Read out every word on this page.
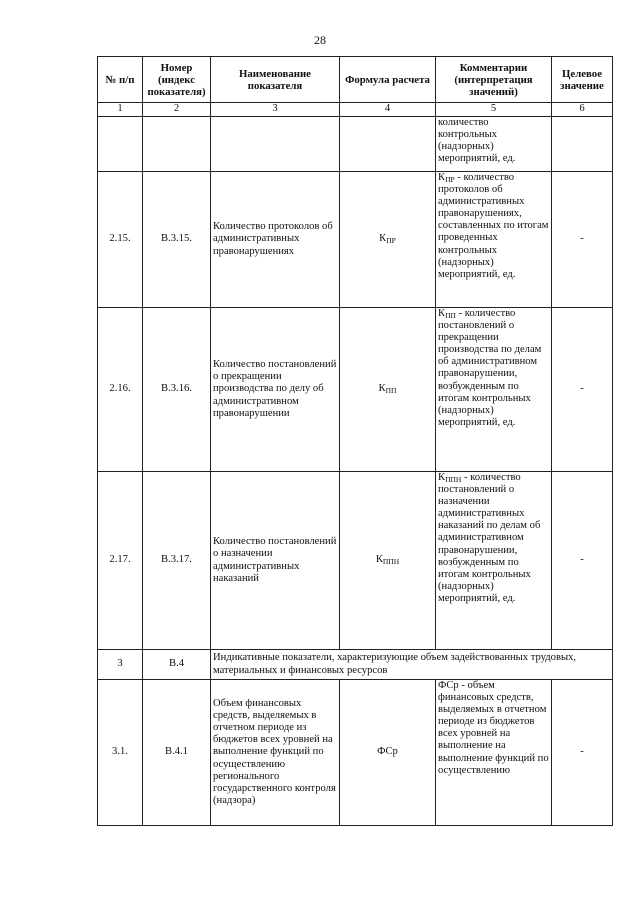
28
№ п/п	Номер (индекс показателя)	Наименование показателя	Формула расчета	Комментарии (интерпретация значений)	Целевое значение
1	2	3	4	5	6
				количество контрольных (надзорных) мероприятий, ед.	
2.15.	В.3.15.	Количество протоколов об административных правонарушениях	$К_{ПР}$	$К_{ПР}$ - количество протоколов об административных правонарушениях, составленных по итогам проведенных контрольных (надзорных) мероприятий, ед.	-
2.16.	В.3.16.	Количество постановлений о прекращении производства по делу об административном правонарушении	$К_{ПП}$	$К_{ПП}$ - количество постановлений о прекращении производства по делам об административном правонарушении, возбужденным по итогам контрольных (надзорных) мероприятий, ед.	-
2.17.	В.3.17.	Количество постановлений о назначении административных наказаний	$К_{ППН}$	$К_{ППН}$ - количество постановлений о назначении административных наказаний по делам об административном правонарушении, возбужденным по итогам контрольных (надзорных) мероприятий, ед.	-
3	В.4	Индикативные показатели, характеризующие объем задействованных трудовых, материальных и финансовых ресурсов			
3.1.	В.4.1	Объем финансовых средств, выделяемых в отчетном периоде из бюджетов всех уровней на выполнение функций по осуществлению регионального государственного контроля (надзора)	ФСр	ФСр - объем финансовых средств, выделяемых в отчетном периоде из бюджетов всех уровней на выполнение на выполнение функций по осуществлению	-
